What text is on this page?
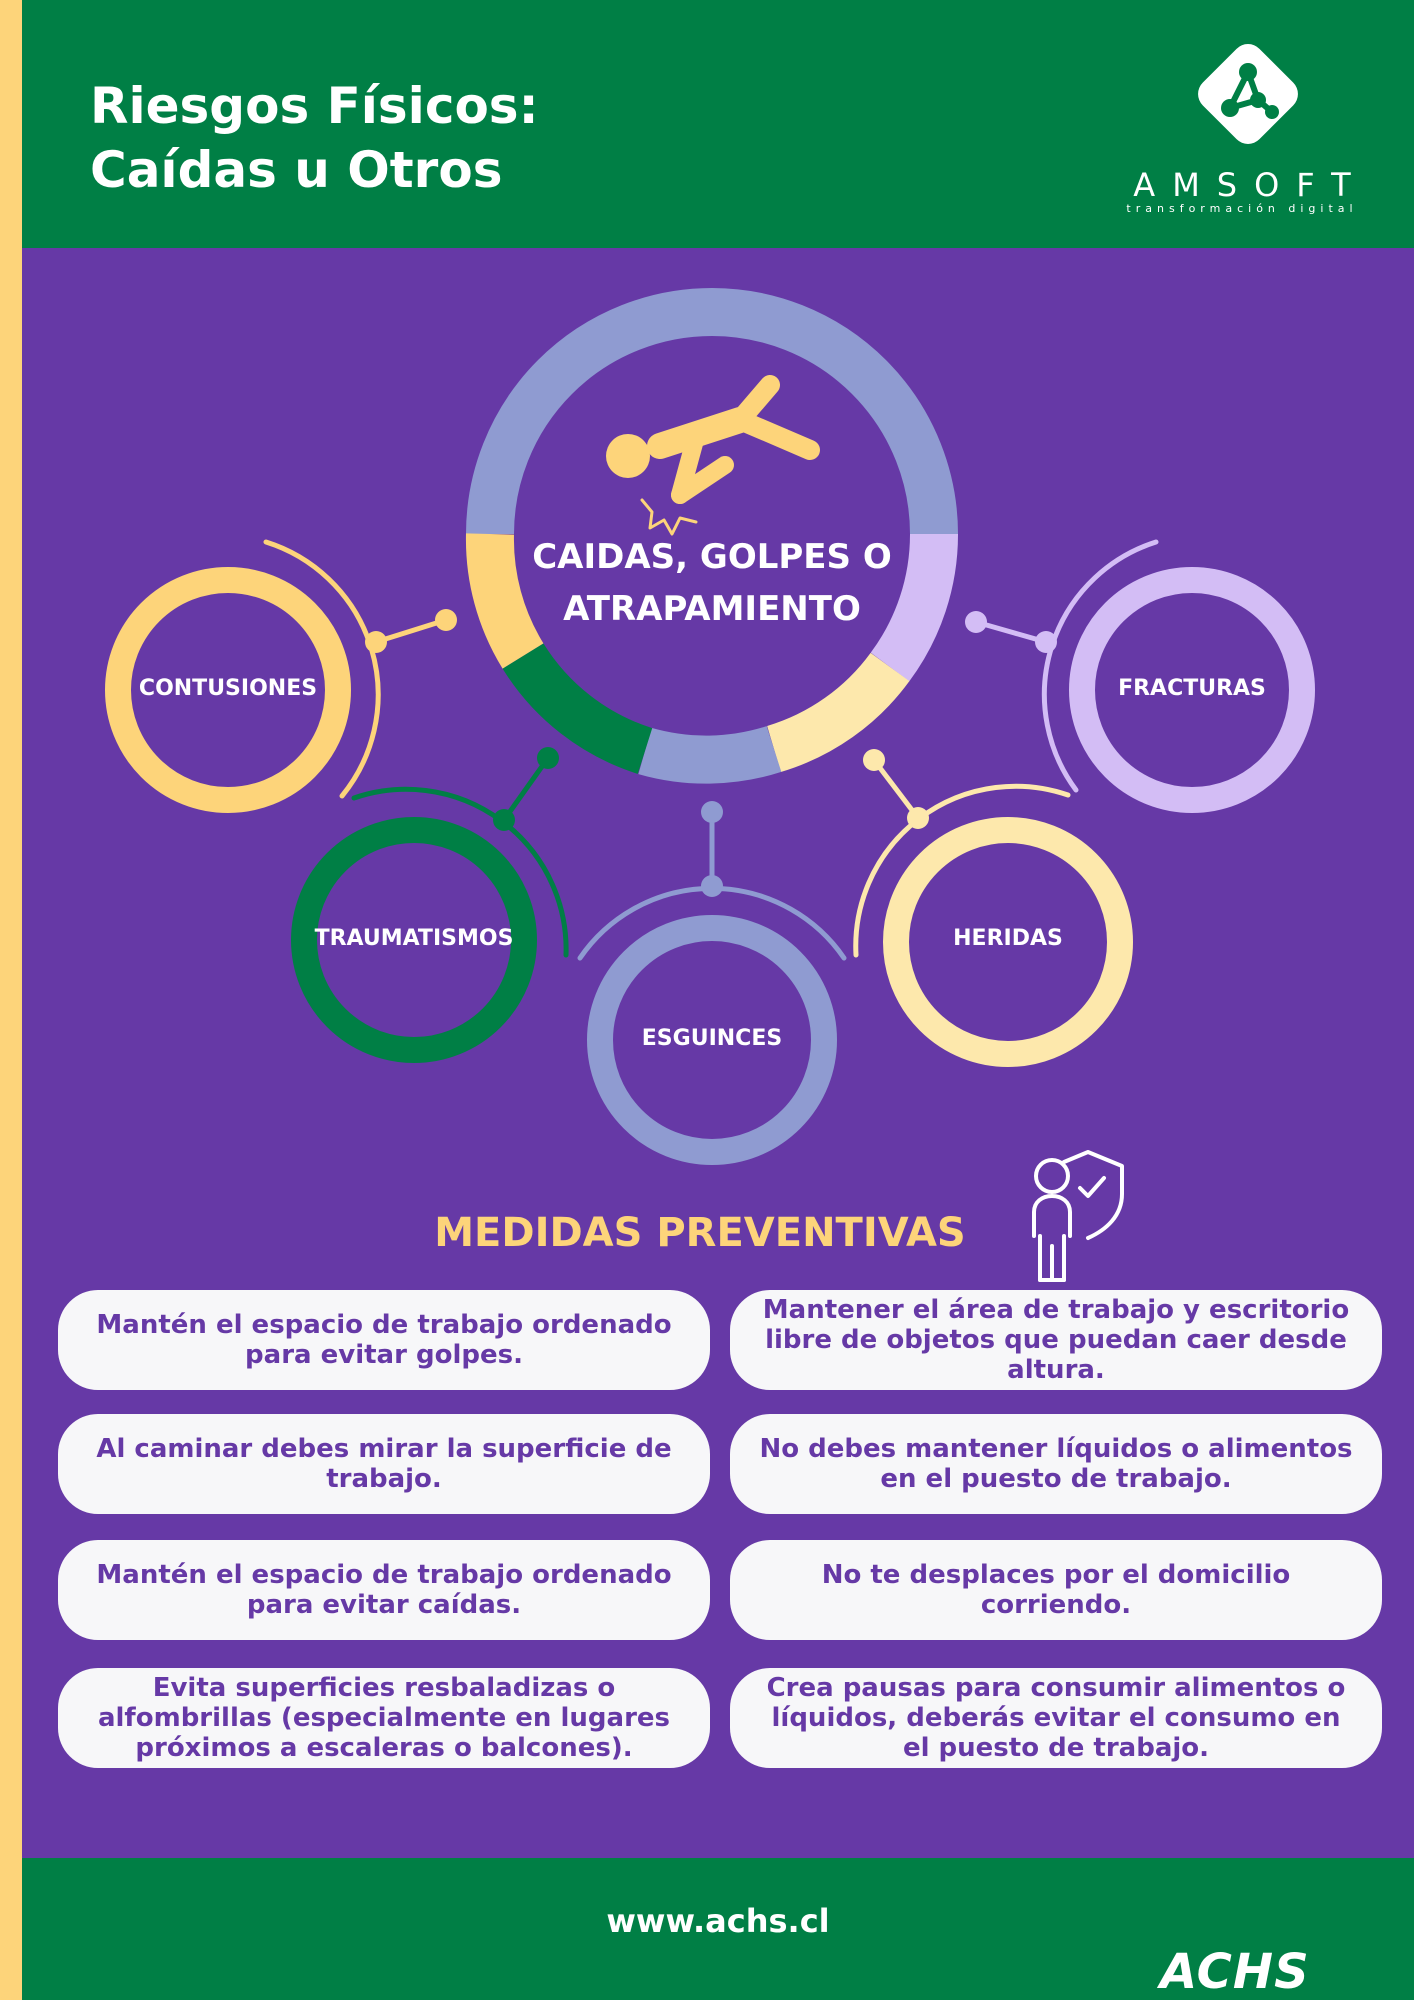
Riesgos Físicos:
Caídas u Otros	AMSOFT
transformación digital
CAIDAS, GOLPES O
ATRAPAMIENTO
CONTUSIONES
TRAUMATISMOS
ESGUINCES
HERIDAS
FRACTURAS
MEDIDAS PREVENTIVAS
Mantén el espacio de trabajo ordenado para evitar golpes.
Mantener el área de trabajo y escritorio libre de objetos que puedan caer desde altura.
Al caminar debes mirar la superficie de trabajo.
No debes mantener líquidos o alimentos en el puesto de trabajo.
Mantén el espacio de trabajo ordenado para evitar caídas.
No te desplaces por el domicilio corriendo.
Evita superficies resbaladizas o alfombrillas (especialmente en lugares próximos a escaleras o balcones).
Crea pausas para consumir alimentos o líquidos, deberás evitar el consumo en el puesto de trabajo.
www.achs.cl
ACHS
